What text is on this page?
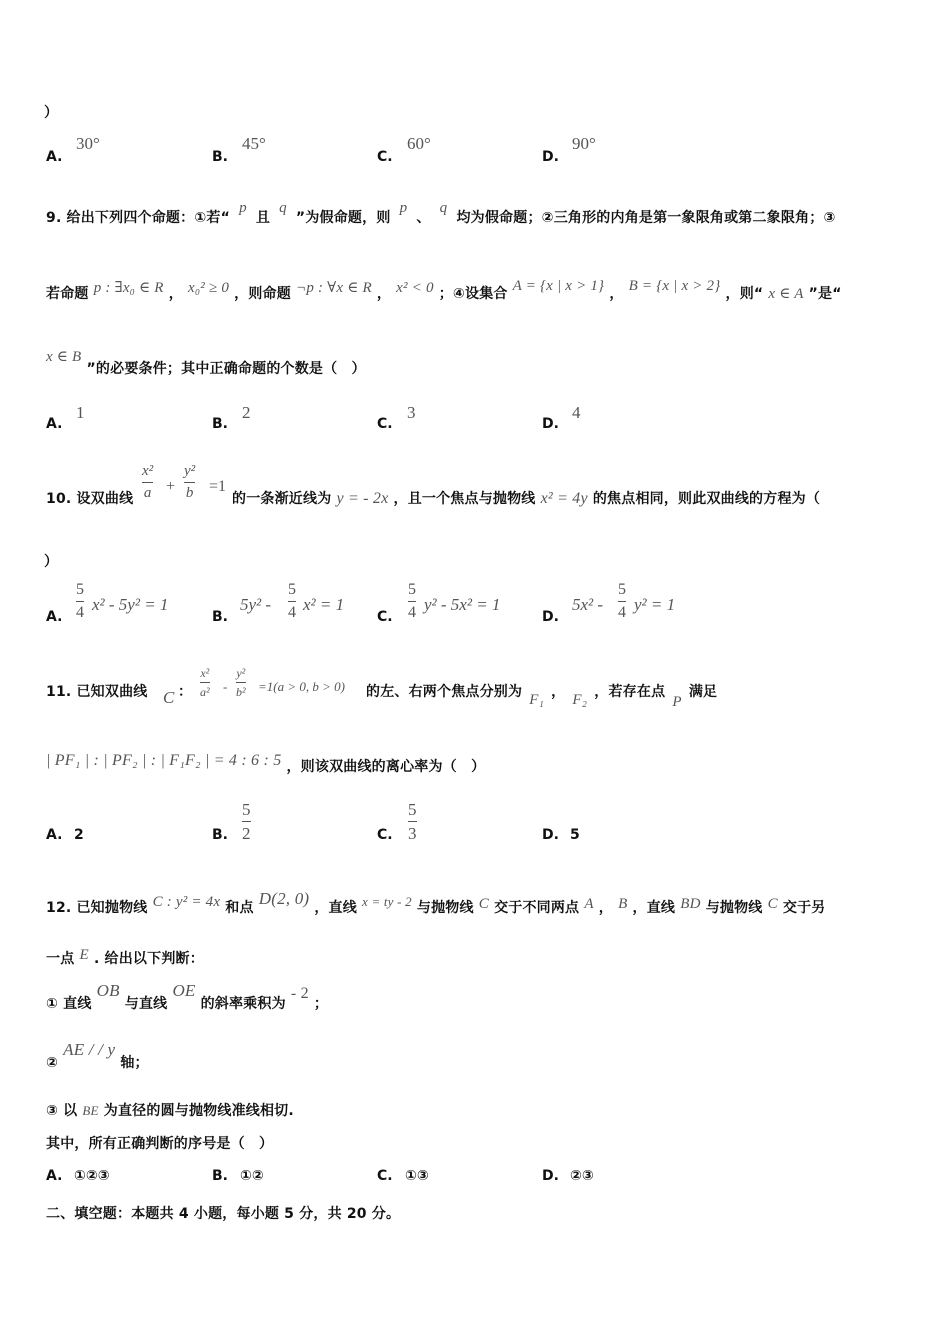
）
A.
30°
B.
45°
C.
60°
D.
90°
9. 给出下列四个命题：①若“ p 且 q ”为假命题，则 p 、 q 均为假命题；②三角形的内角是第一象限角或第二象限角；③
若命题 p : ∃x₀ ∈ R ， x₀² ≥ 0 ，则命题 ¬p : ∀x ∈ R ， x² < 0 ；④设集合 A = {x | x > 1} ， B = {x | x > 2} ，则“ x ∈ A ”是“
x ∈ B ”的必要条件；其中正确命题的个数是（　）
A.
1
B.
2
C.
3
D.
4
10. 设双曲线
x²
a +
y²
b =1
的一条渐近线为 y = - 2x ，且一个焦点与抛物线 x² = 4y 的焦点相同，则此双曲线的方程为（
）
A.
5
4 x² - 5y² = 1
B.
5y² -
5
4 x² = 1
C.
5
4 y² - 5x² = 1
D.
5x² -
5
4 y² = 1
11. 已知双曲线 C ：
x²
a² -
y²
b² =1(a > 0, b > 0) 的左、右两个焦点分别为 F₁ ， F₂ ，若存在点 P 满足
| PF₁ | : | PF₂ | : | F₁F₂ | = 4 : 6 : 5 ，则该双曲线的离心率为（　）
A. 2	B.
5
2	C.
5
3	D. 5
12. 已知抛物线 C : y² = 4x 和点 D(2, 0) ，直线 x = ty - 2 与抛物线 C 交于不同两点 A ， B ，直线 BD 与抛物线 C 交于另
一点 E . 给出以下判断：
① 直线 OB 与直线 OE 的斜率乘积为 - 2 ；
② AE / / y 轴；
③ 以 BE 为直径的圆与抛物线准线相切.
其中，所有正确判断的序号是（　）
A. ①②③	B. ①②	C. ①③	D. ②③
二、填空题：本题共 4 小题，每小题 5 分，共 20 分。
